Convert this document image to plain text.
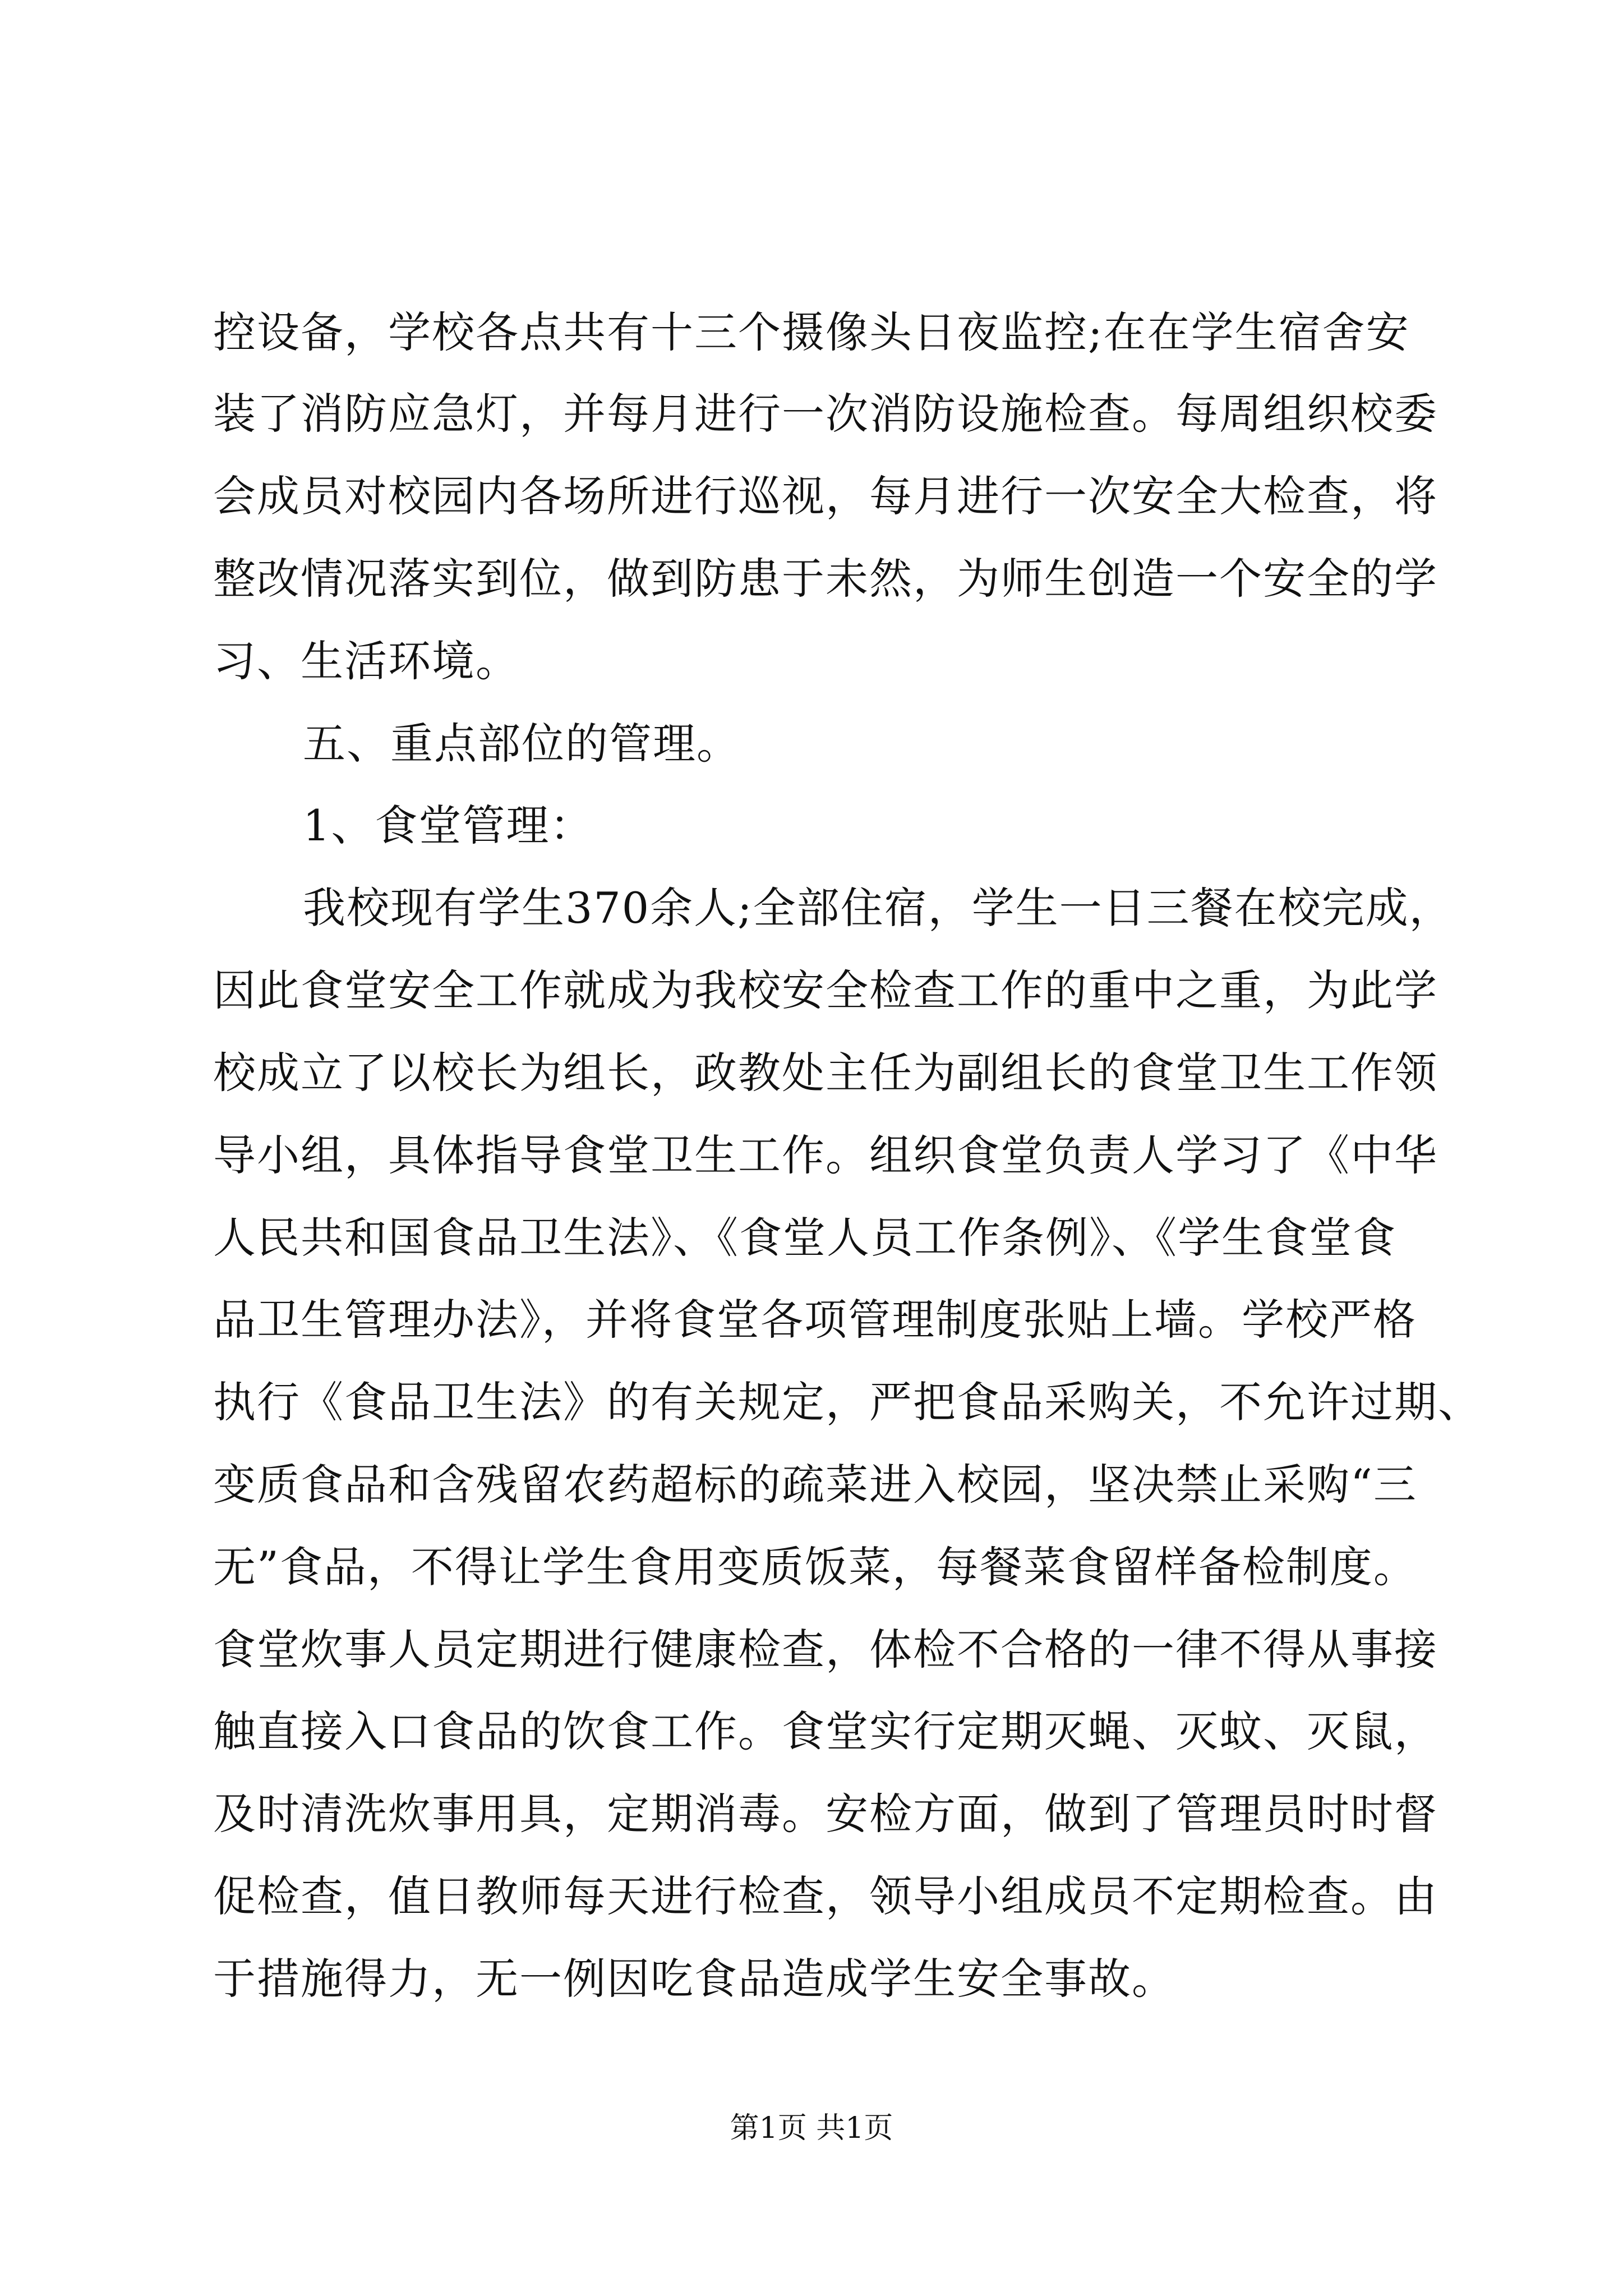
控设备，学校各点共有十三个摄像头日夜监控;在在学生宿舍安

装了消防应急灯，并每月进行一次消防设施检查。每周组织校委

会成员对校园内各场所进行巡视，每月进行一次安全大检查，将

整改情况落实到位，做到防患于未然，为师生创造一个安全的学

习、生活环境。

五、重点部位的管理。

1、食堂管理：

我校现有学生370余人;全部住宿，学生一日三餐在校完成，

因此食堂安全工作就成为我校安全检查工作的重中之重，为此学

校成立了以校长为组长，政教处主任为副组长的食堂卫生工作领

导小组，具体指导食堂卫生工作。组织食堂负责人学习了《中华

人民共和国食品卫生法》、《食堂人员工作条例》、《学生食堂食

品卫生管理办法》，并将食堂各项管理制度张贴上墙。学校严格

执行《食品卫生法》的有关规定，严把食品采购关，不允许过期、

变质食品和含残留农药超标的疏菜进入校园，坚决禁止采购“三

无”食品，不得让学生食用变质饭菜，每餐菜食留样备检制度。

食堂炊事人员定期进行健康检查，体检不合格的一律不得从事接

触直接入口食品的饮食工作。食堂实行定期灭蝇、灭蚊、灭鼠，

及时清洗炊事用具，定期消毒。安检方面，做到了管理员时时督

促检查，值日教师每天进行检查，领导小组成员不定期检查。由

于措施得力，无一例因吃食品造成学生安全事故。

第1页 共1页
